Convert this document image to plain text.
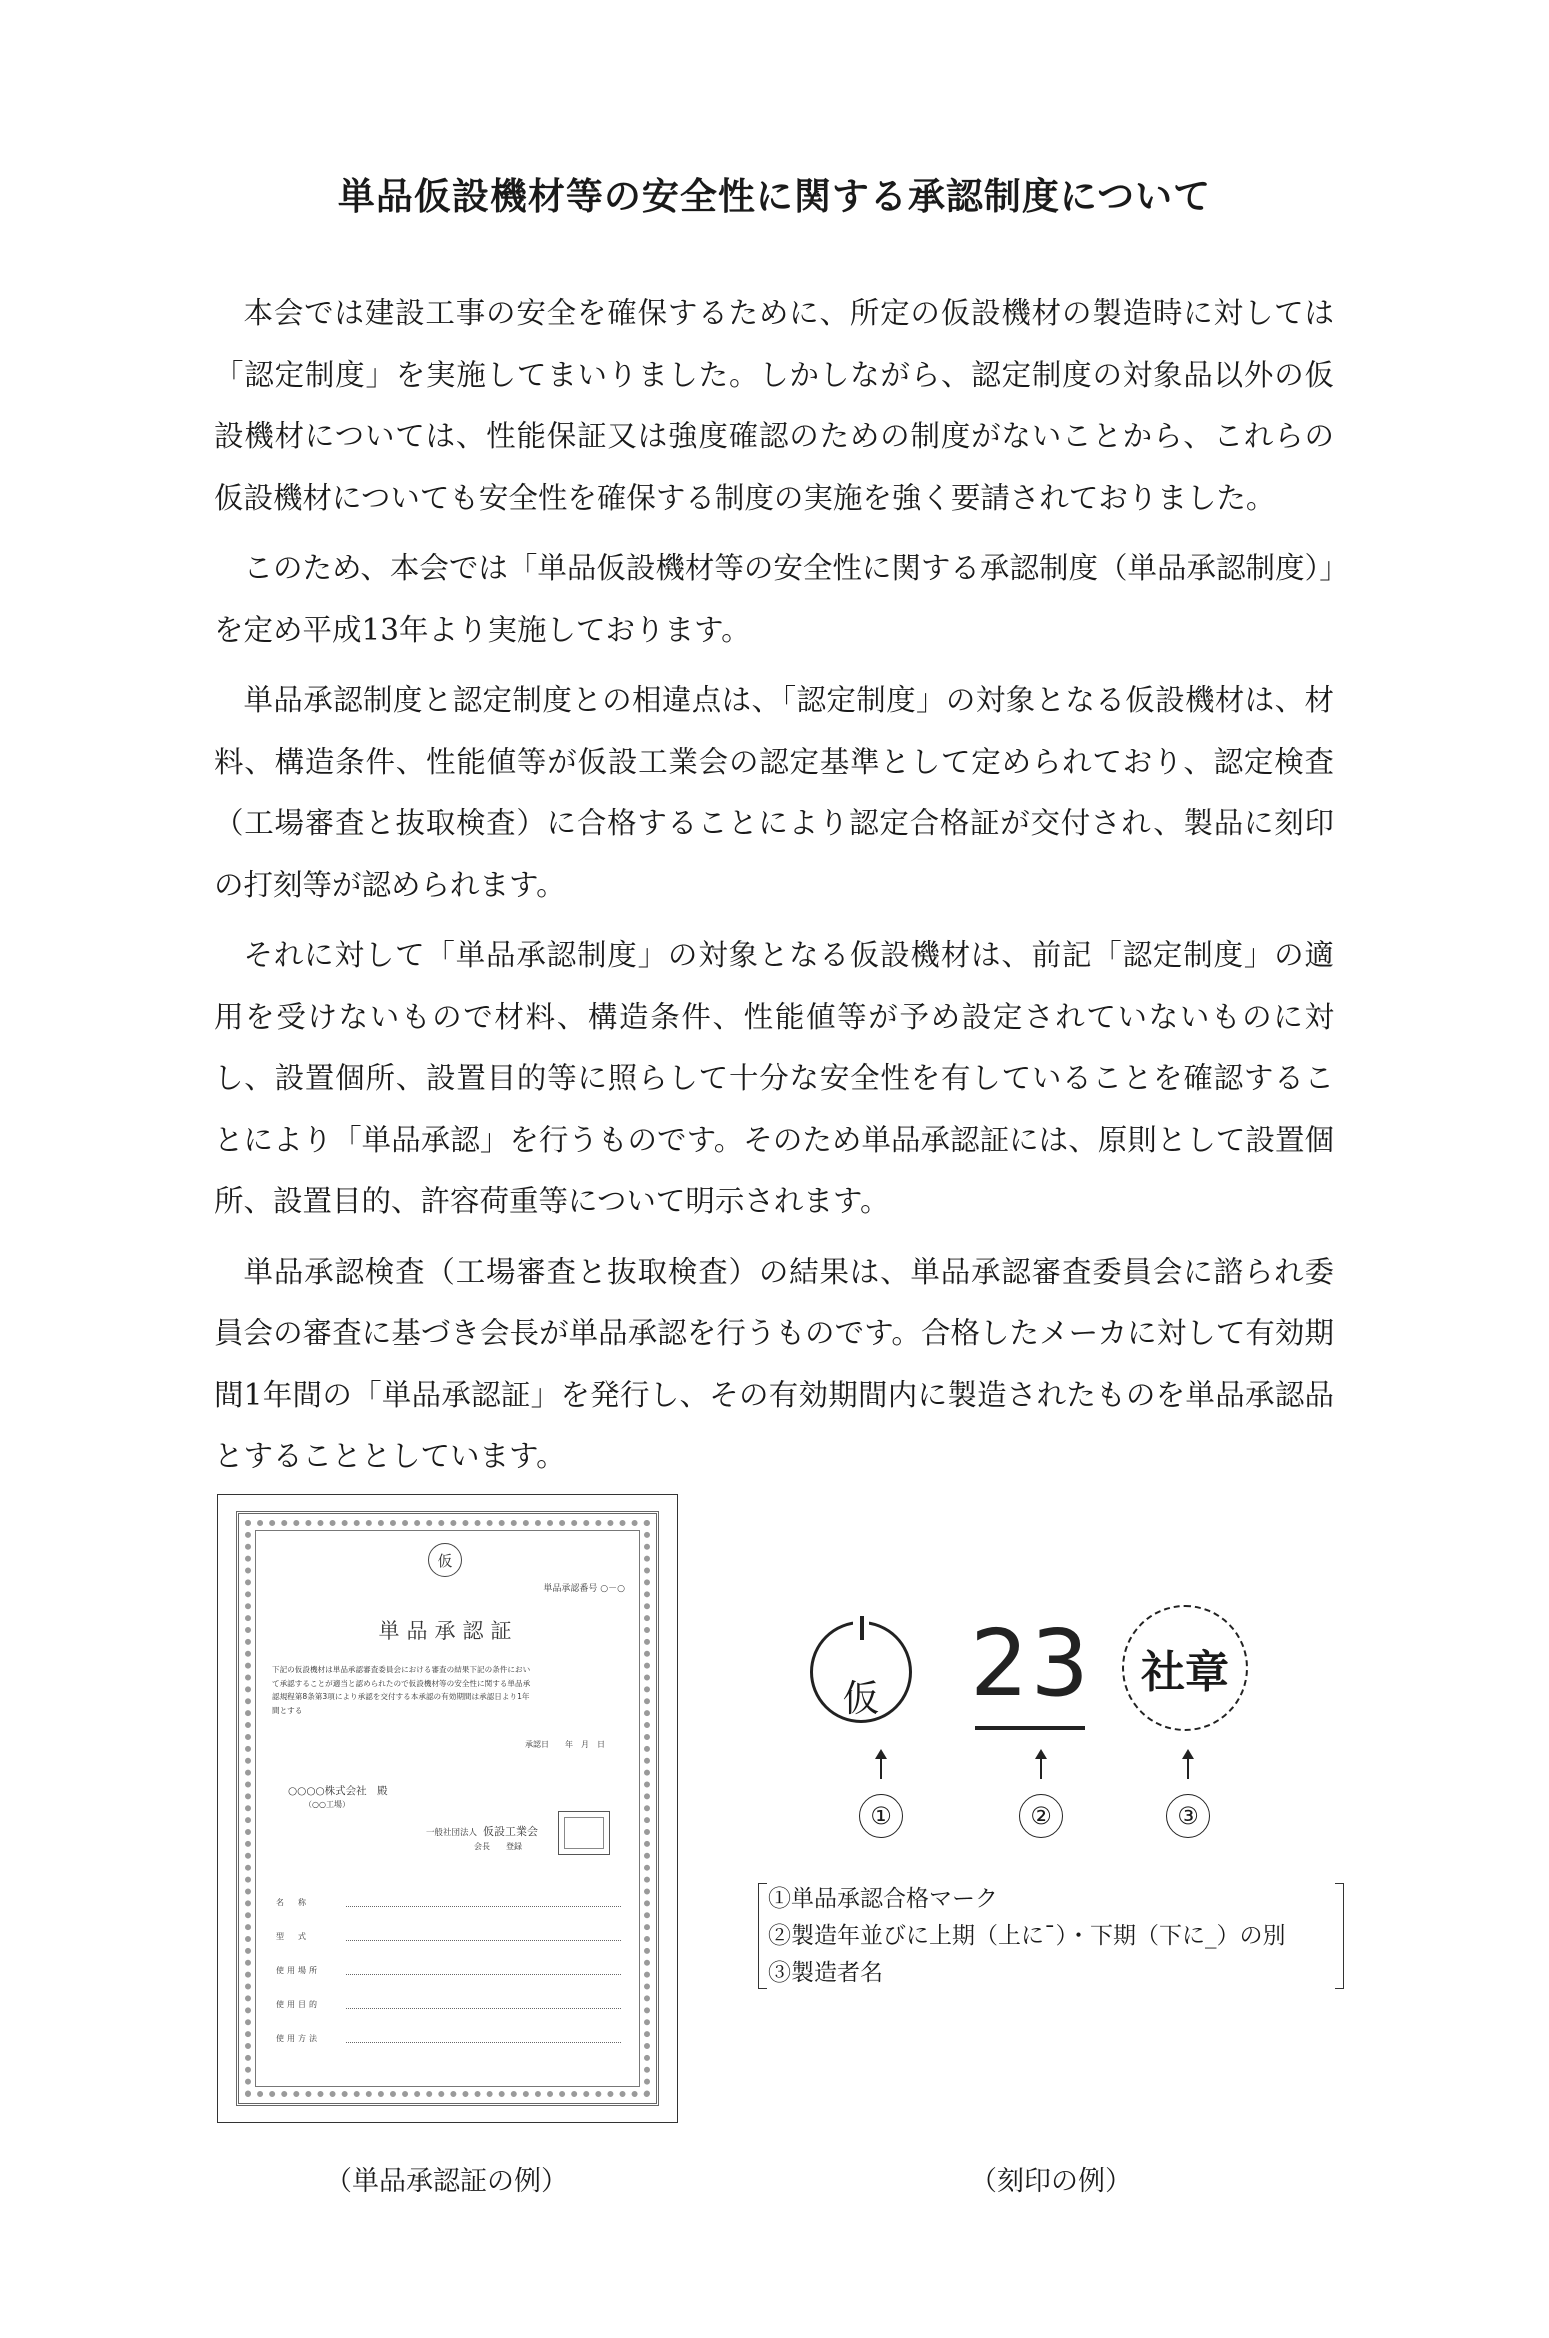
単品仮設機材等の安全性に関する承認制度について

本会では建設工事の安全を確保するために、所定の仮設機材の製造時に対しては「認定制度」を実施してまいりました。しかしながら、認定制度の対象品以外の仮設機材については、性能保証又は強度確認のための制度がないことから、これらの仮設機材についても安全性を確保する制度の実施を強く要請されておりました。

このため、本会では「単品仮設機材等の安全性に関する承認制度（単品承認制度）」を定め平成13年より実施しております。

単品承認制度と認定制度との相違点は、「認定制度」の対象となる仮設機材は、材料、構造条件、性能値等が仮設工業会の認定基準として定められており、認定検査（工場審査と抜取検査）に合格することにより認定合格証が交付され、製品に刻印の打刻等が認められます。

それに対して「単品承認制度」の対象となる仮設機材は、前記「認定制度」の適用を受けないもので材料、構造条件、性能値等が予め設定されていないものに対し、設置個所、設置目的等に照らして十分な安全性を有していることを確認することにより「単品承認」を行うものです。そのため単品承認証には、原則として設置個所、設置目的、許容荷重等について明示されます。

単品承認検査（工場審査と抜取検査）の結果は、単品承認審査委員会に諮られ委員会の審査に基づき会長が単品承認を行うものです。合格したメーカに対して有効期間1年間の「単品承認証」を発行し、その有効期間内に製造されたものを単品承認品とすることとしています。

仮
単品承認番号 ○－○
単品承認証
下記の仮設機材は単品承認審査委員会における審査の結果下記の条件において承認することが適当と認められたので仮設機材等の安全性に関する単品承認規程第8条第3項により承認を交付する本承認の有効期間は承認日より1年間とする
承認日　　年　月　日
○○○○株式会社　殿
（○○工場）
一般社団法人 仮設工業会
会長　　登録
名　称
型　式
使用場所
使用目的
使用方法
（単品承認証の例）
仮 23	社章
①	②	③
①単品承認合格マーク
②製造年並びに上期（上に¯）・下期（下に_）の別
③製造者名
（刻印の例）
